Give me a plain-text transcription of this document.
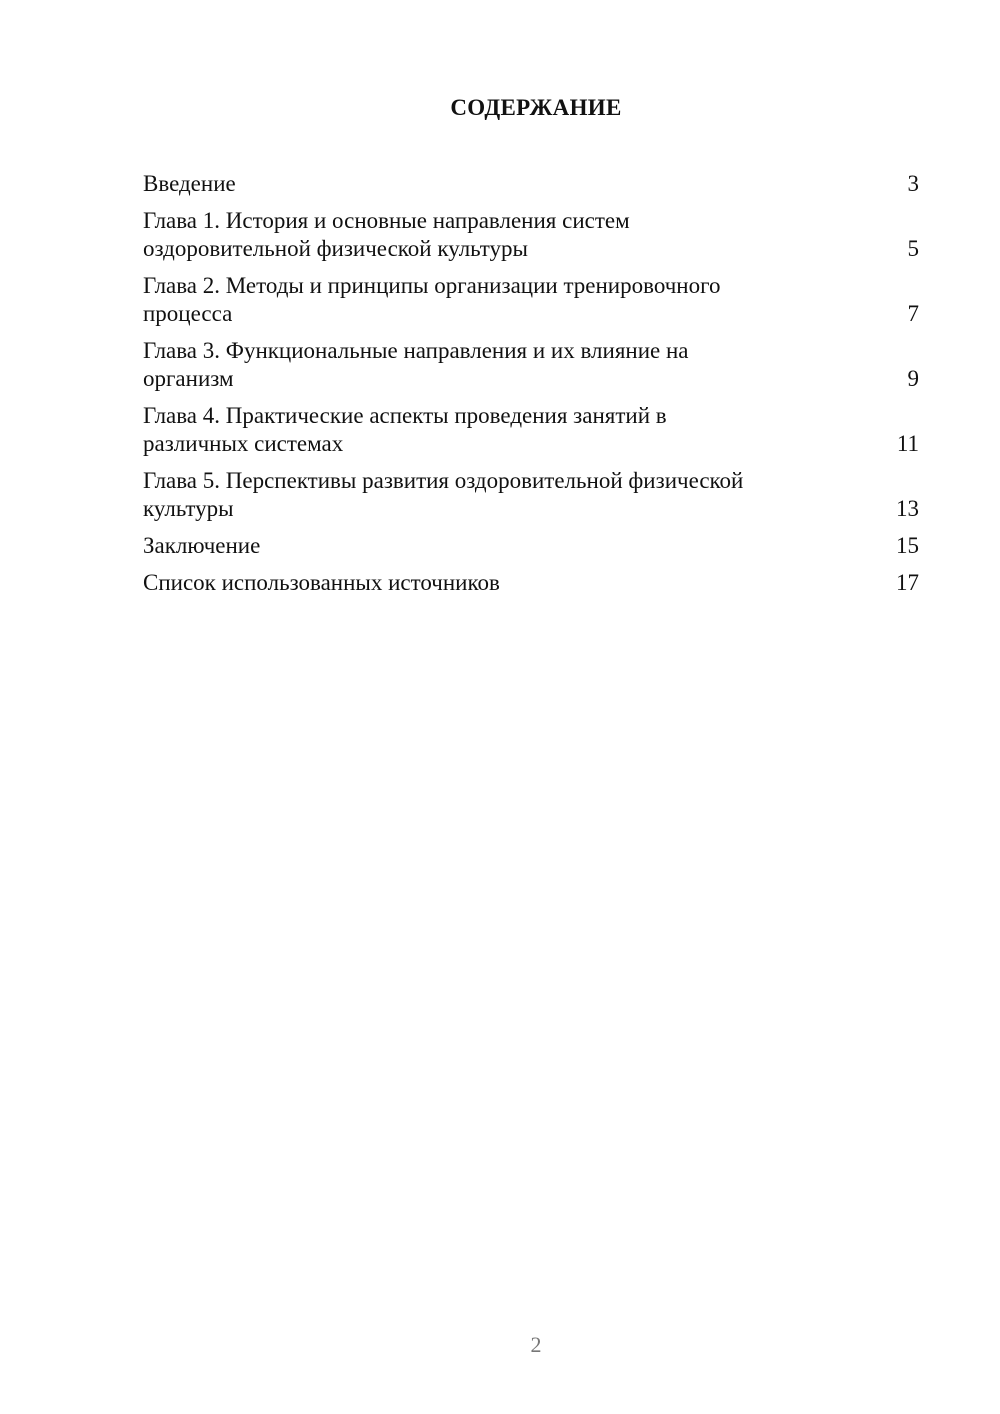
СОДЕРЖАНИЕ
Введение	3
Глава 1. История и основные направления систем
оздоровительной физической культуры	5
Глава 2. Методы и принципы организации тренировочного
процесса	7
Глава 3. Функциональные направления и их влияние на
организм	9
Глава 4. Практические аспекты проведения занятий в
различных системах	11
Глава 5. Перспективы развития оздоровительной физической
культуры	13
Заключение	15
Список использованных источников	17
2
